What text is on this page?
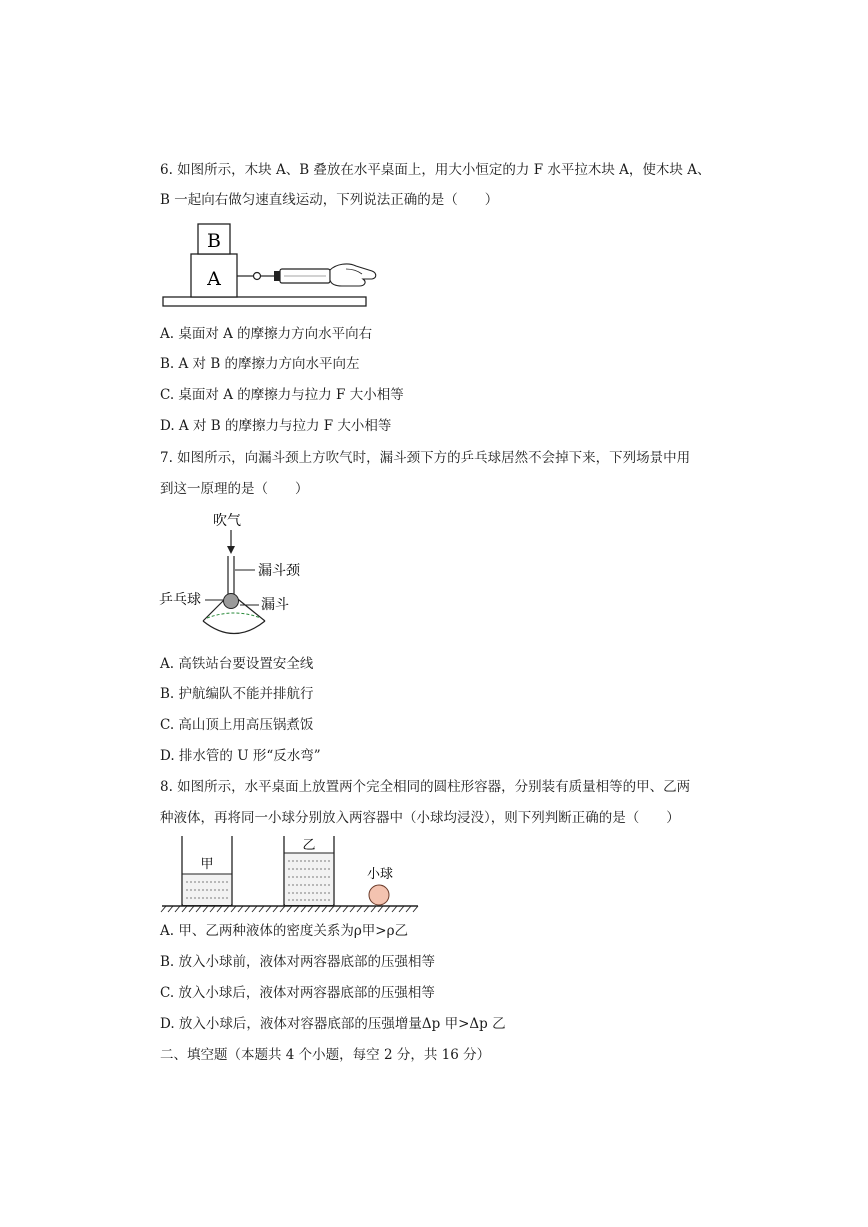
6. 如图所示，木块 A、B 叠放在水平桌面上，用大小恒定的力 F 水平拉木块 A，使木块 A、
B 一起向右做匀速直线运动，下列说法正确的是（　　）
B
A
A. 桌面对 A 的摩擦力方向水平向右
B. A 对 B 的摩擦力方向水平向左
C. 桌面对 A 的摩擦力与拉力 F 大小相等
D. A 对 B 的摩擦力与拉力 F 大小相等
7. 如图所示，向漏斗颈上方吹气时，漏斗颈下方的乒乓球居然不会掉下来，下列场景中用
到这一原理的是（　　）
吹气
漏斗颈
乒乓球	漏斗
A. 高铁站台要设置安全线
B. 护航编队不能并排航行
C. 高山顶上用高压锅煮饭
D. 排水管的 U 形“反水弯”
8. 如图所示，水平桌面上放置两个完全相同的圆柱形容器，分别装有质量相等的甲、乙两
种液体，再将同一小球分别放入两容器中（小球均浸没），则下列判断正确的是（　　）
甲
乙
小球
A. 甲、乙两种液体的密度关系为ρ甲>ρ乙
B. 放入小球前，液体对两容器底部的压强相等
C. 放入小球后，液体对两容器底部的压强相等
D. 放入小球后，液体对容器底部的压强增量Δp 甲>Δp 乙
二、填空题（本题共 4 个小题，每空 2 分，共 16 分）
